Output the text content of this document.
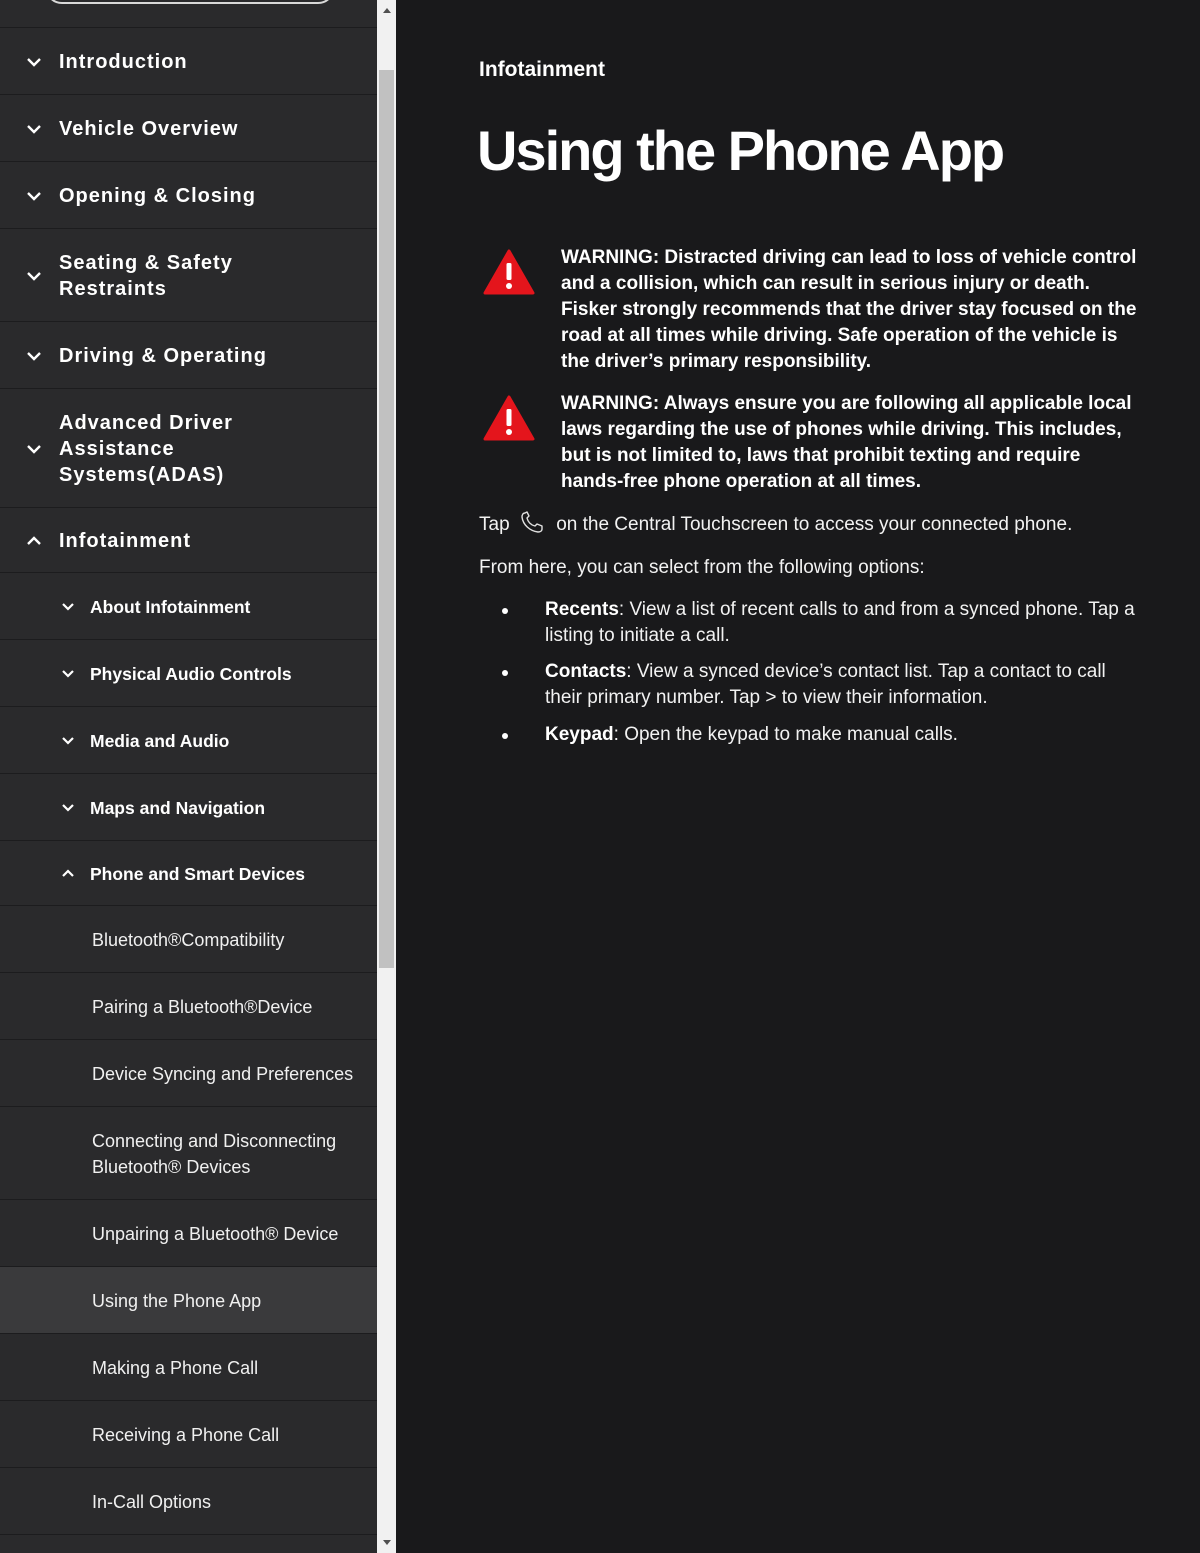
Introduction
Vehicle Overview
Opening & Closing
Seating & Safety Restraints
Driving & Operating
Advanced Driver Assistance Systems(ADAS)
Infotainment
About Infotainment
Physical Audio Controls
Media and Audio
Maps and Navigation
Phone and Smart Devices
Bluetooth®Compatibility
Pairing a Bluetooth®Device
Device Syncing and Preferences
Connecting and Disconnecting Bluetooth® Devices
Unpairing a Bluetooth® Device
Using the Phone App
Making a Phone Call
Receiving a Phone Call
In-Call Options
Infotainment
Using the Phone App
WARNING: Distracted driving can lead to loss of vehicle control and a collision, which can result in serious injury or death. Fisker strongly recommends that the driver stay focused on the road at all times while driving. Safe operation of the vehicle is the driver’s primary responsibility.
WARNING: Always ensure you are following all applicable local laws regarding the use of phones while driving. This includes, but is not limited to, laws that prohibit texting and require hands-free phone operation at all times.
Tap on the Central Touchscreen to access your connected phone.
From here, you can select from the following options:
Recents: View a list of recent calls to and from a synced phone. Tap a listing to initiate a call.
Contacts: View a synced device’s contact list. Tap a contact to call their primary number. Tap > to view their information.
Keypad: Open the keypad to make manual calls.
